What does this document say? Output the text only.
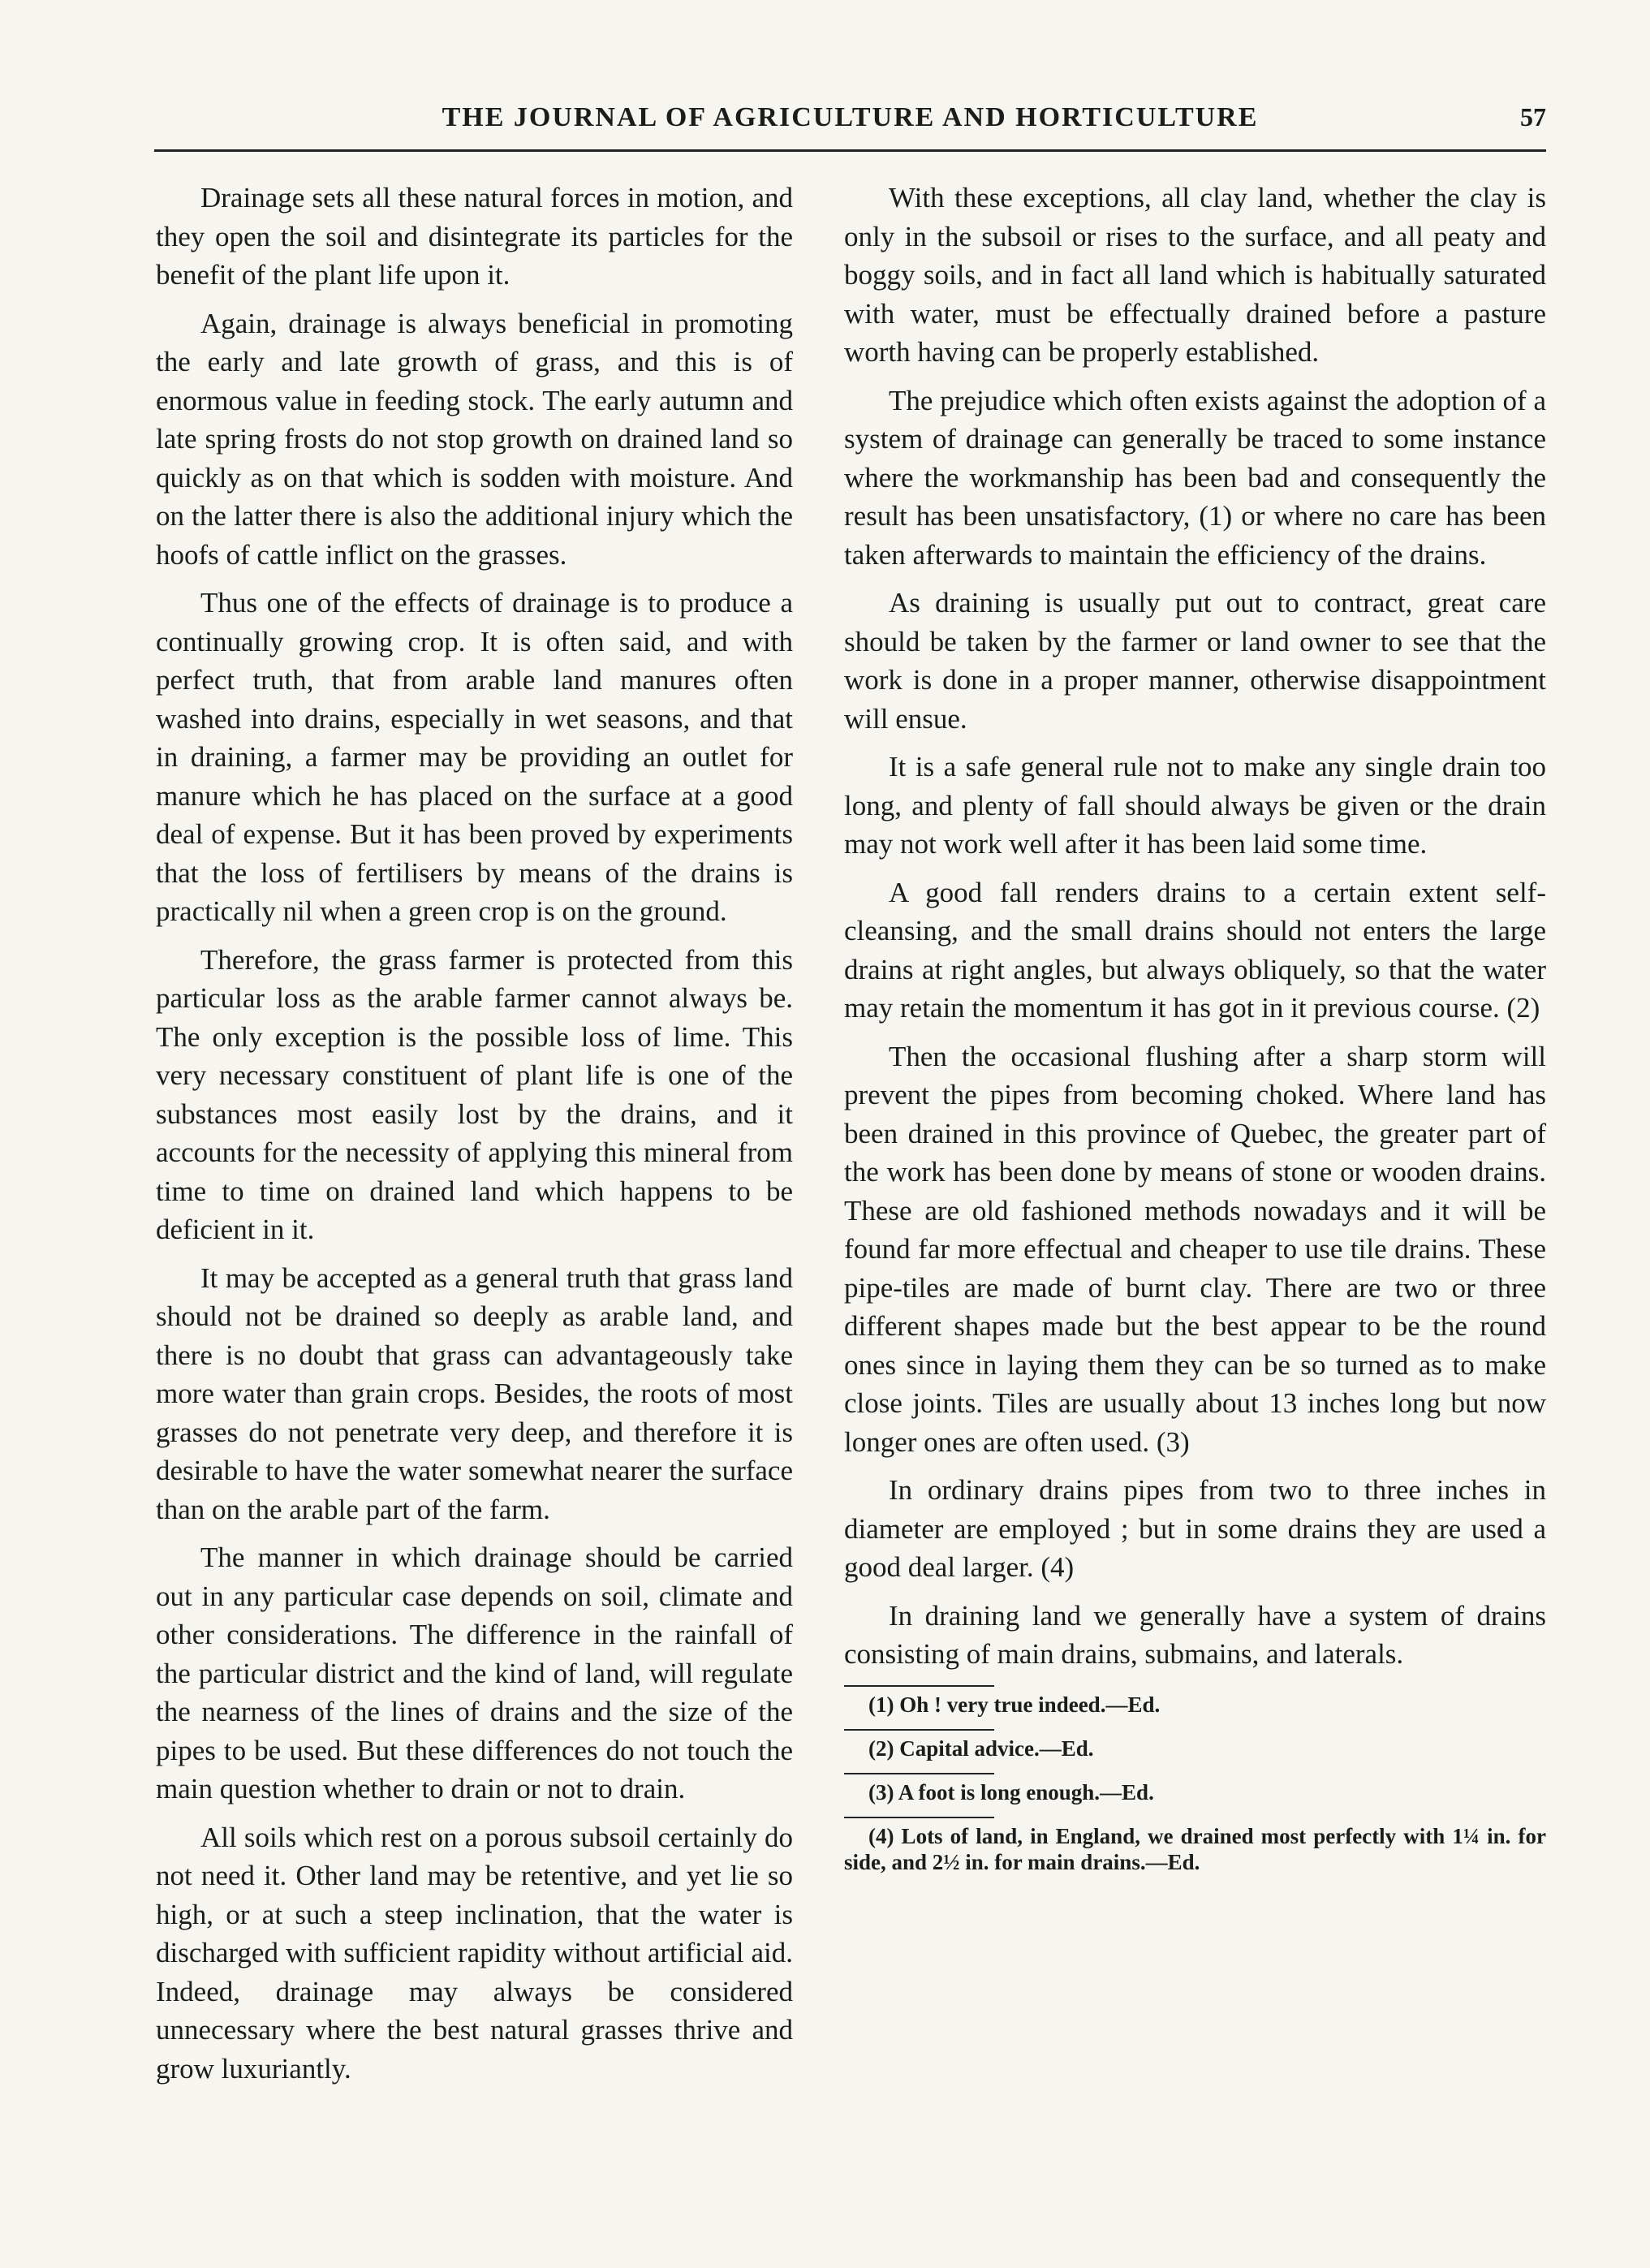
THE JOURNAL OF AGRICULTURE AND HORTICULTURE	57

Drainage sets all these natural forces in motion, and they open the soil and disintegrate its particles for the benefit of the plant life upon it.

Again, drainage is always beneficial in promoting the early and late growth of grass, and this is of enormous value in feeding stock. The early autumn and late spring frosts do not stop growth on drained land so quickly as on that which is sodden with moisture. And on the latter there is also the additional injury which the hoofs of cattle inflict on the grasses.

Thus one of the effects of drainage is to produce a continually growing crop. It is often said, and with perfect truth, that from arable land manures often washed into drains, especially in wet seasons, and that in draining, a farmer may be providing an outlet for manure which he has placed on the surface at a good deal of expense. But it has been proved by experiments that the loss of fertilisers by means of the drains is practically nil when a green crop is on the ground.

Therefore, the grass farmer is protected from this particular loss as the arable farmer cannot always be. The only exception is the possible loss of lime. This very necessary constituent of plant life is one of the substances most easily lost by the drains, and it accounts for the necessity of applying this mineral from time to time on drained land which happens to be deficient in it.

It may be accepted as a general truth that grass land should not be drained so deeply as arable land, and there is no doubt that grass can advantageously take more water than grain crops. Besides, the roots of most grasses do not penetrate very deep, and therefore it is desirable to have the water somewhat nearer the surface than on the arable part of the farm.

The manner in which drainage should be carried out in any particular case depends on soil, climate and other considerations. The difference in the rainfall of the particular district and the kind of land, will regulate the nearness of the lines of drains and the size of the pipes to be used. But these differences do not touch the main question whether to drain or not to drain.

All soils which rest on a porous subsoil certainly do not need it. Other land may be retentive, and yet lie so high, or at such a steep inclination, that the water is discharged with sufficient rapidity without artificial aid. Indeed, drainage may always be considered unnecessary where the best natural grasses thrive and grow luxuriantly.

With these exceptions, all clay land, whether the clay is only in the subsoil or rises to the surface, and all peaty and boggy soils, and in fact all land which is habitually saturated with water, must be effectually drained before a pasture worth having can be properly established.

The prejudice which often exists against the adoption of a system of drainage can generally be traced to some instance where the workmanship has been bad and consequently the result has been unsatisfactory, (1) or where no care has been taken afterwards to maintain the efficiency of the drains.

As draining is usually put out to contract, great care should be taken by the farmer or land owner to see that the work is done in a proper manner, otherwise disappointment will ensue.

It is a safe general rule not to make any single drain too long, and plenty of fall should always be given or the drain may not work well after it has been laid some time.

A good fall renders drains to a certain extent self-cleansing, and the small drains should not enters the large drains at right angles, but always obliquely, so that the water may retain the momentum it has got in it previous course. (2)

Then the occasional flushing after a sharp storm will prevent the pipes from becoming choked. Where land has been drained in this province of Quebec, the greater part of the work has been done by means of stone or wooden drains. These are old fashioned methods nowadays and it will be found far more effectual and cheaper to use tile drains. These pipe-tiles are made of burnt clay. There are two or three different shapes made but the best appear to be the round ones since in laying them they can be so turned as to make close joints. Tiles are usually about 13 inches long but now longer ones are often used. (3)

In ordinary drains pipes from two to three inches in diameter are employed ; but in some drains they are used a good deal larger. (4)

In draining land we generally have a system of drains consisting of main drains, submains, and laterals.

(1) Oh ! very true indeed.—Ed.
(2) Capital advice.—Ed.
(3) A foot is long enough.—Ed.
(4) Lots of land, in England, we drained most perfectly with 1¼ in. for side, and 2½ in. for main drains.—Ed.
